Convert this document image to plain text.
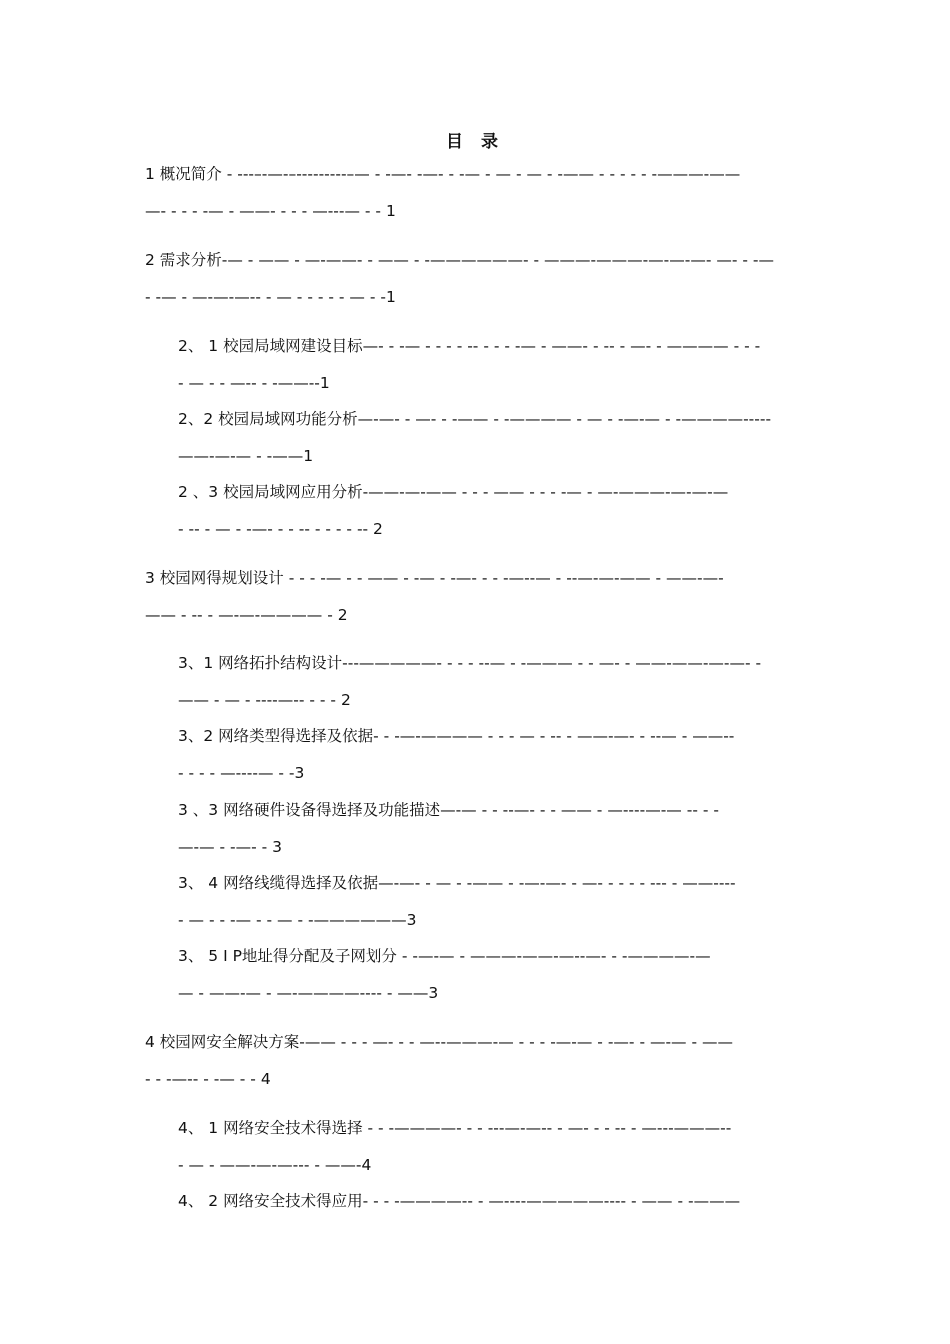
目 录
1 概况简介 - ---–-—-–---------–— - -—- -—- - -— - — - — - -—— - - - - - -———-——
—- - - - -— - ——- - - - —---— - - 1
2 需求分析-— - —— - —-——- - —— - -——————- - ———-———-—-—-—- —- - -—
- -— - —-—-—-- - — - - - - - — - -1
2、 1 校园局域网建设目标—- - -— - - - - -- - - - -— - ——- - -- - —- - ———— - - -
- — - - —-- - -——--1
2、2 校园局域网功能分析—-—- - —- - -—— - -———— - — - -—-— - -————-----
——-—-— - -——1
2 、3 校园局域网应用分析-——-—-—— - - - —— - - - -— - —-———-—-—-—
- -- - — - -—- - - -- - - - - -- 2
3 校园网得规划设计 - - - -— - - —— - -— - -—- - - -—--— - --—-—-—— - ——-—-
—— - -- - —-—-———— - 2
3、1 网络拓扑结构设计---—————- - - - --— - -——— - - —- - ——-——-—-—- -
—— - — - ----—-- - - - 2
3、2 网络类型得选择及依据- - -—-———— - - - — - -- - ——-—- - --— - ——--
- - - - —----— - -3
3 、3 网络硬件设备得选择及功能描述—-— - - --—- - - —— - —----—-— -- - -
—-— - -—- - 3
3、 4 网络线缆得选择及依据—-—- - — - -—— - -—-—- - —- - - - - --- - ——----
- — - - -— - - — - -——————3
3、 5 I P地址得分配及子网划分 - -—-— - ———-——-—--—- - -————-—
— - ——-— - —-————---- - ——3
4 校园网安全解决方案-—— - - - —- - - —--———-— - - - -—-— - -—- - —-— - ——
- - -—-- - -— - - 4
4、 1 网络安全技术得选择 - - -————- - - ---—-—-- - —- - - -- - —---———--
- — - ——-—-—--- - ——-4
4、 2 网络安全技术得应用- - - -————-- - —----—————---- - —— - -———
